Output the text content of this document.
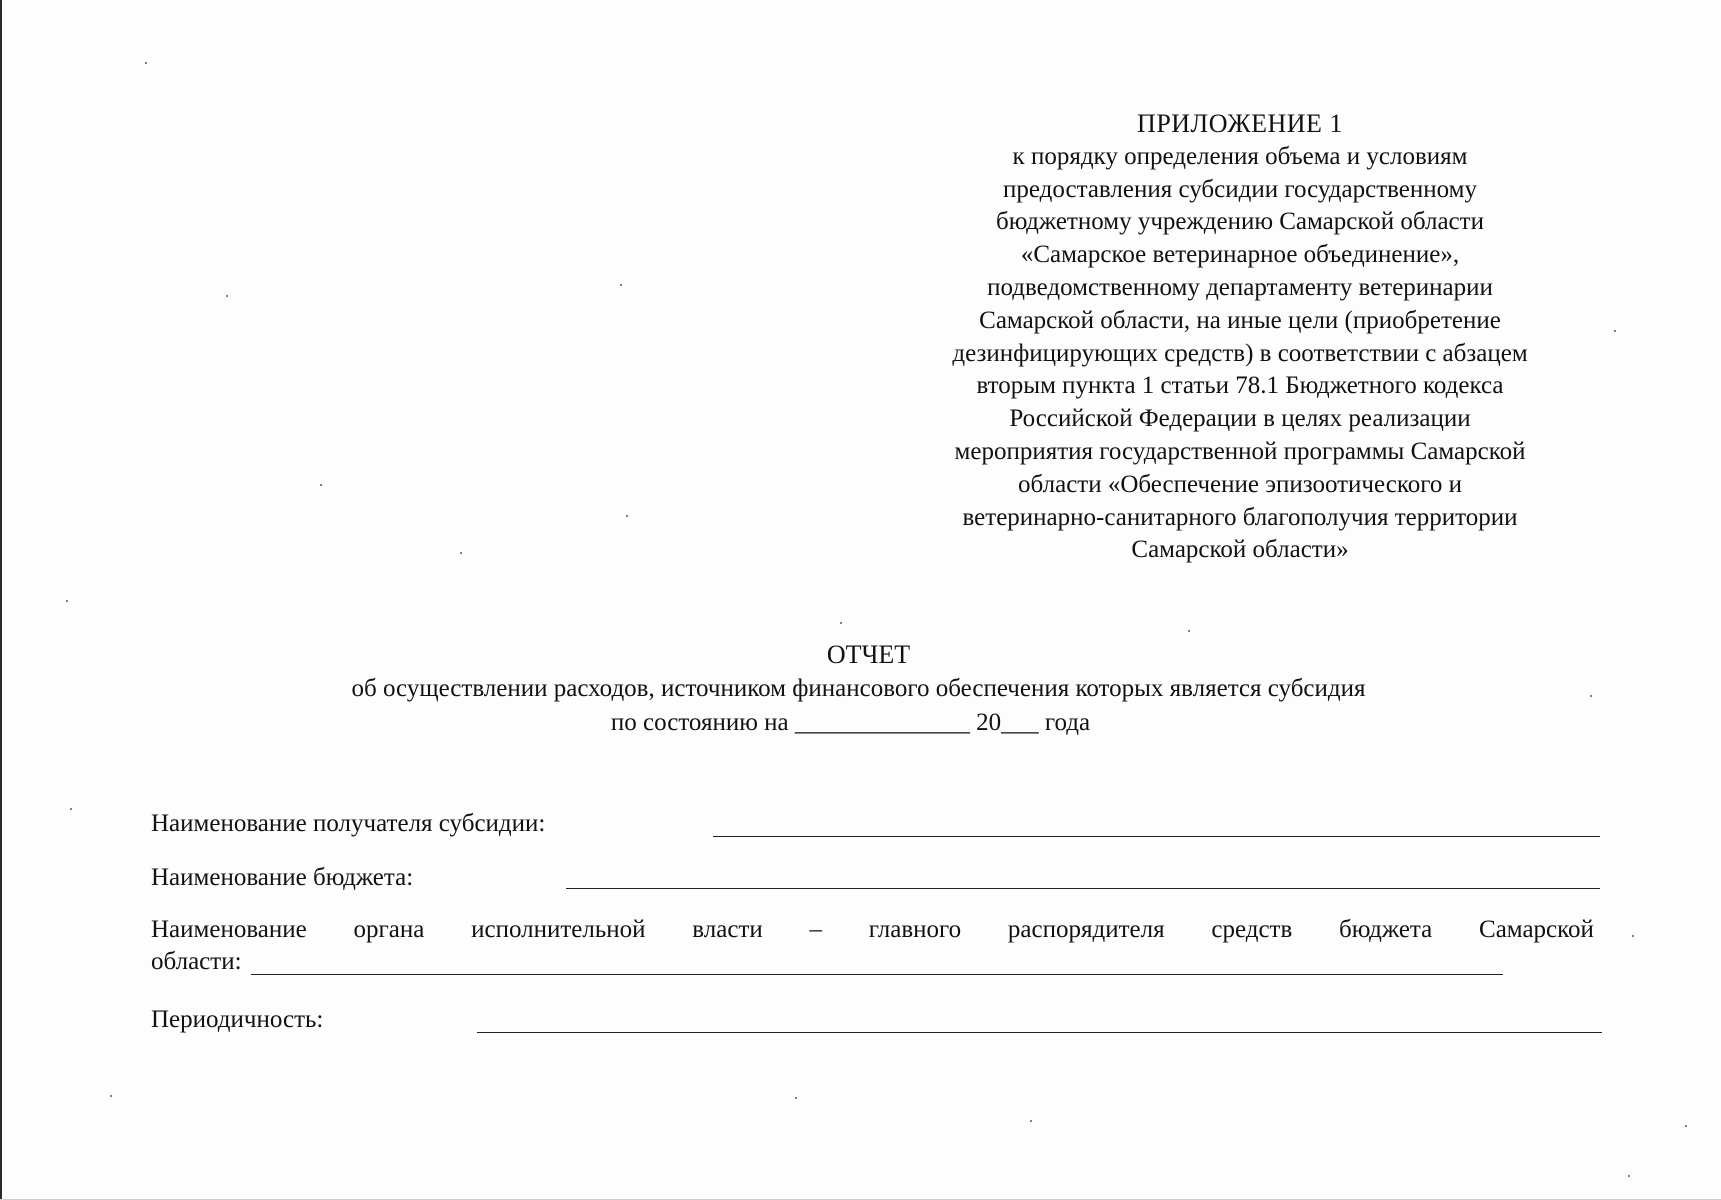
ПРИЛОЖЕНИЕ 1
к порядку определения объема и условиям
предоставления субсидии государственному
бюджетному учреждению Самарской области
«Самарское ветеринарное объединение»,
подведомственному департаменту ветеринарии
Самарской области, на иные цели (приобретение
дезинфицирующих средств) в соответствии с абзацем
вторым пункта 1 статьи 78.1 Бюджетного кодекса
Российской Федерации в целях реализации
мероприятия государственной программы Самарской
области «Обеспечение эпизоотического и
ветеринарно-санитарного благополучия территории
Самарской области»
ОТЧЕТ
об осуществлении расходов, источником финансового обеспечения которых является субсидия
по состоянию на ______________ 20___ года
Наименование получателя субсидии:
Наименование бюджета:
Наименование органа исполнительной власти – главного распорядителя средств бюджета Самарской
области:
Периодичность:
